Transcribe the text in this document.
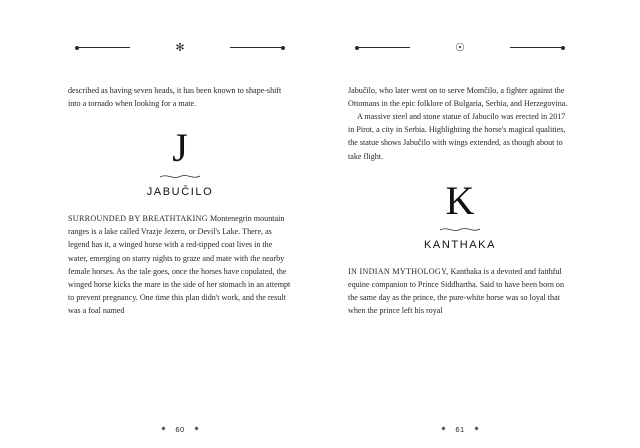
✻

described as having seven heads, it has been known to shape-shift into a tornado when looking for a mate.

J
JABUČILO

SURROUNDED BY BREATHTAKING Montenegrin mountain ranges is a lake called Vrazje Jezero, or Devil's Lake. There, as legend has it, a winged horse with a red-tipped coat lives in the water, emerging on starry nights to graze and mate with the nearby female horses. As the tale goes, once the horses have copulated, the winged horse kicks the mare in the side of her stomach in an attempt to prevent pregnancy. One time this plan didn't work, and the result was a foal named

✷ 60 ✷
☉

Jabučilo, who later went on to serve Momčilo, a fighter against the Ottomans in the epic folklore of Bulgaria, Serbia, and Herzegovina.

A massive steel and stone statue of Jabucilo was erected in 2017 in Pirot, a city in Serbia. Highlighting the horse's magical qualities, the statue shows Jabučilo with wings extended, as though about to take flight.

K
KANTHAKA

IN INDIAN MYTHOLOGY, Kanthaka is a devoted and faithful equine companion to Prince Siddhartha. Said to have been born on the same day as the prince, the pure-white horse was so loyal that when the prince left his royal

✷ 61 ✷
